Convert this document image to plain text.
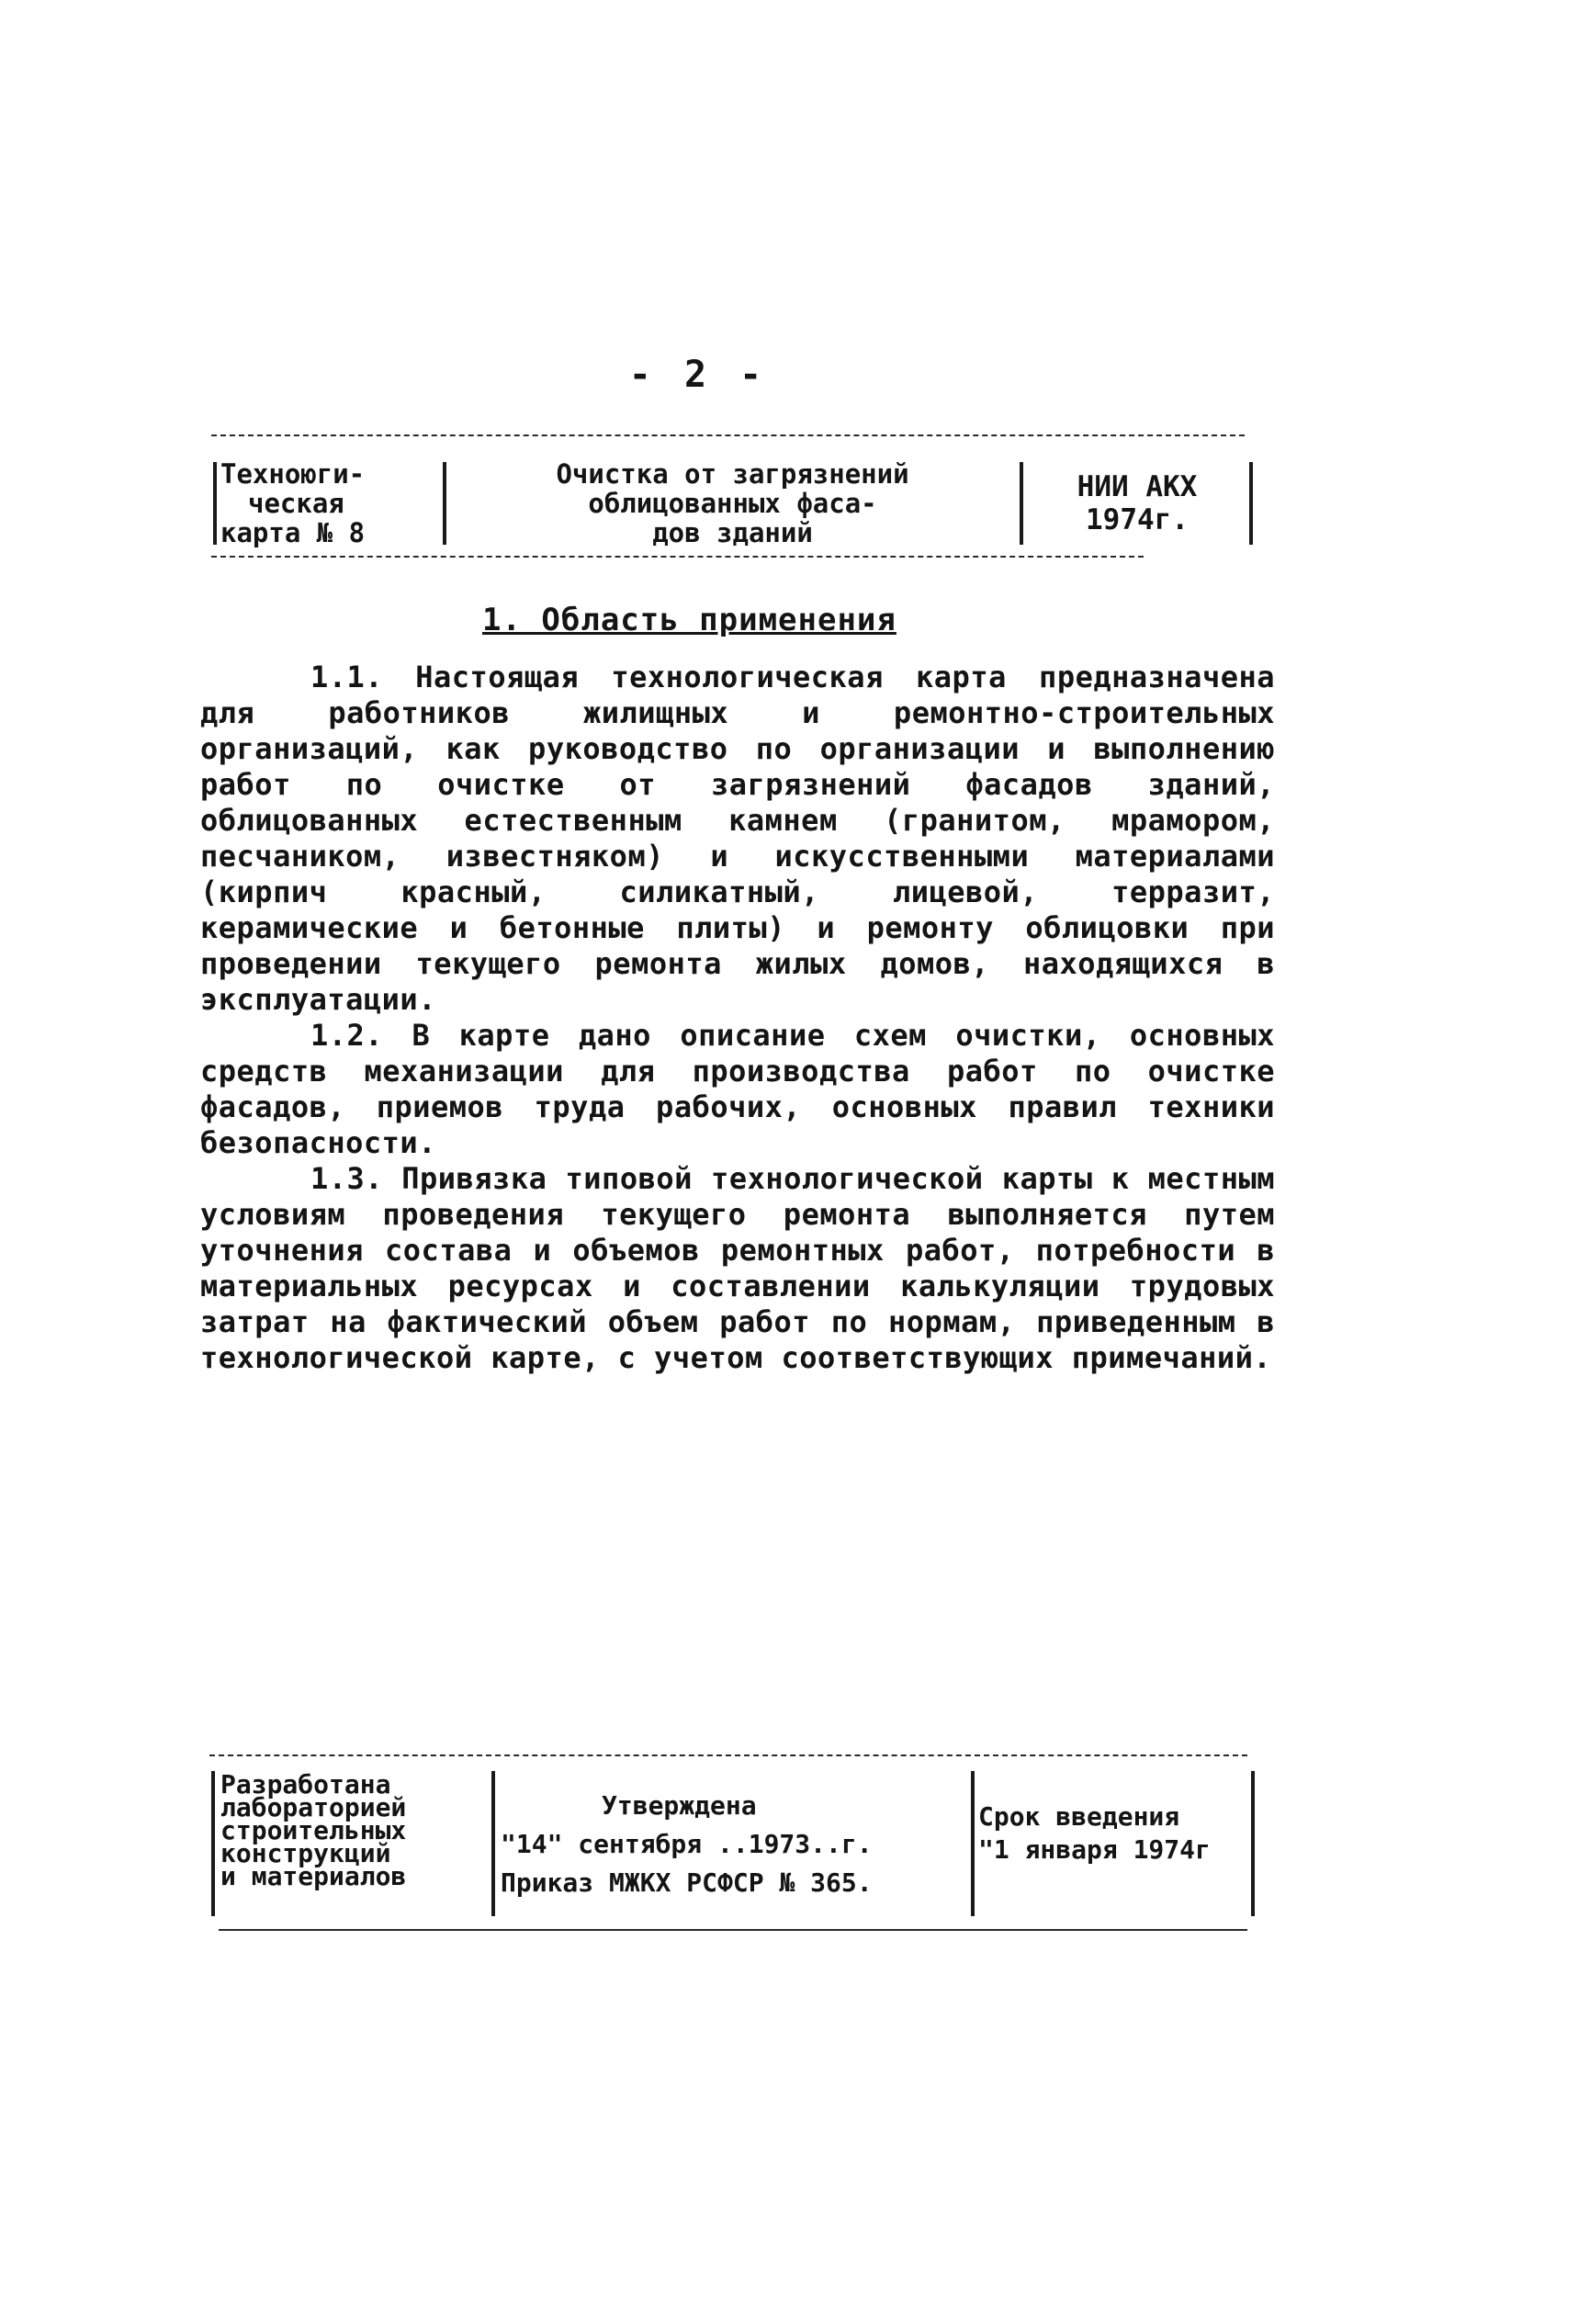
- 2 -
Техноюги-
ческая
карта № 8
Очистка от загрязнений
облицованных фаса-
дов зданий
НИИ АКХ
1974г.
1. Область применения

1.1. Настоящая технологическая карта предназначена для работников жилищных и ремонтно-строительных организаций, как руководство по организации и выполнению работ по очистке от загрязнений фасадов зданий, облицованных естественным камнем (гранитом, мрамором, песчаником, известняком) и искусственными материалами (кирпич красный, силикатный, лицевой, терразит, керамические и бетонные плиты) и ремонту облицовки при проведении текущего ремонта жилых домов, находящихся в эксплуатации.

1.2. В карте дано описание схем очистки, основных средств механизации для производства работ по очистке фасадов, приемов труда рабочих, основных правил техники безопасности.

1.3. Привязка типовой технологической карты к местным условиям проведения текущего ремонта выполняется путем уточнения состава и объемов ремонтных работ, потребности в материальных ресурсах и составлении калькуляции трудовых затрат на фактический объем работ по нормам, приведенным в технологической карте, с учетом соответствующих примечаний.

Разработана
лабораторией
строительных
конструкций
и материалов
Утверждена
"14" сентября ..1973..г.
Приказ МЖКХ РСФСР № 365.
Срок введения
"1 января 1974г
